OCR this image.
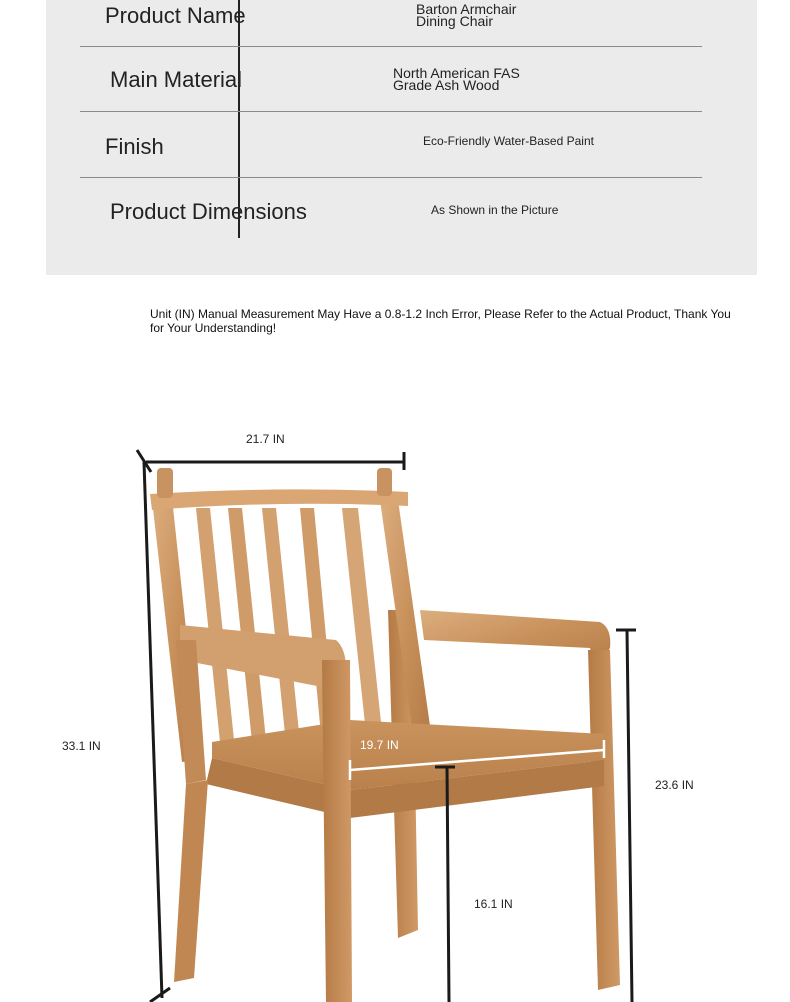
Product Name	Barton Armchair
Dining Chair
Main Material	North American FAS
Grade Ash Wood
Finish	Eco-Friendly Water-Based Paint
Product Dimensions	As Shown in the Picture
Unit (IN) Manual Measurement May Have a 0.8-1.2 Inch Error, Please Refer to the Actual Product, Thank You for Your Understanding!
21.7 IN
33.1 IN	19.7 IN
23.6 IN
16.1 IN
